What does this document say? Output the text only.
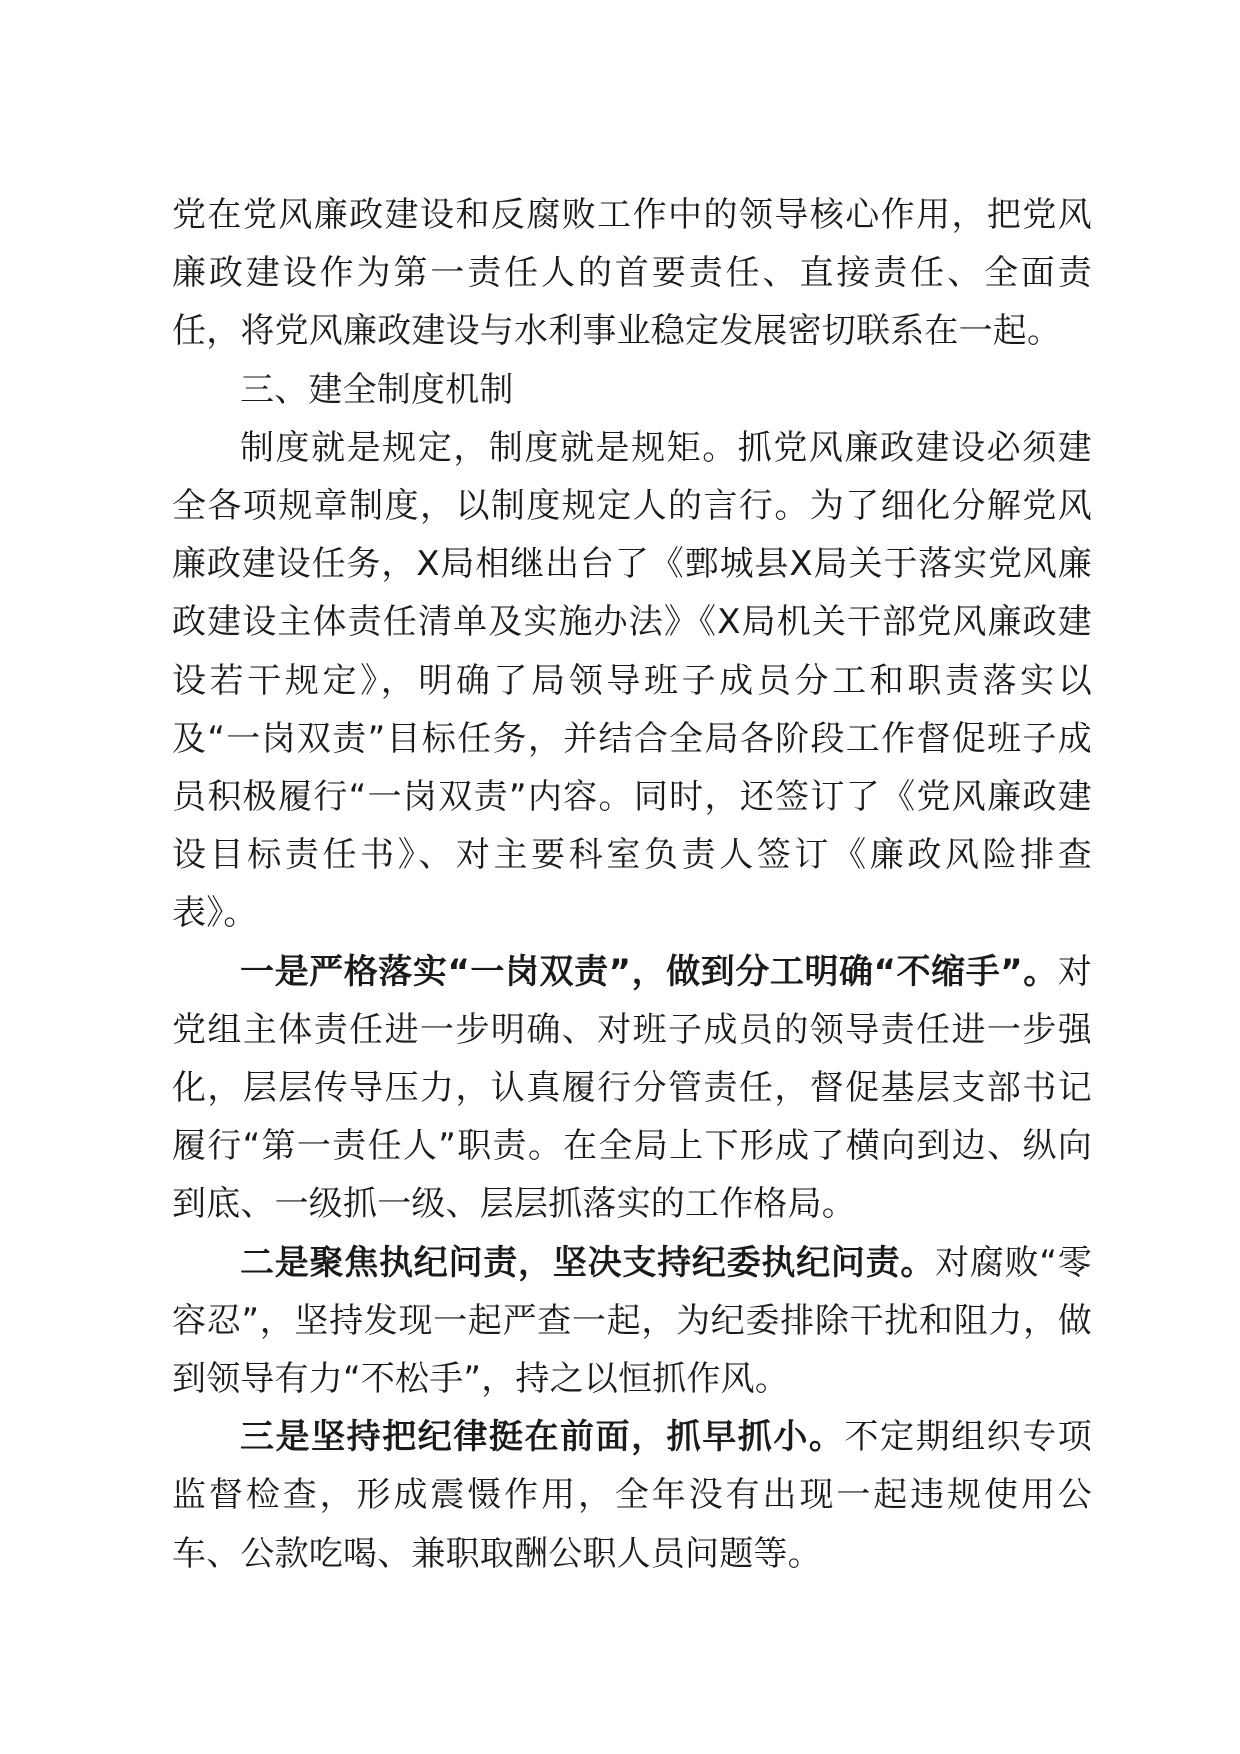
党在党风廉政建设和反腐败工作中的领导核心作用，把党风廉政建设作为第一责任人的首要责任、直接责任、全面责任，将党风廉政建设与水利事业稳定发展密切联系在一起。

三、建全制度机制

制度就是规定，制度就是规矩。抓党风廉政建设必须建全各项规章制度，以制度规定人的言行。为了细化分解党风廉政建设任务，X局相继出台了《鄄城县X局关于落实党风廉政建设主体责任清单及实施办法》《X局机关干部党风廉政建设若干规定》，明确了局领导班子成员分工和职责落实以及“一岗双责”目标任务，并结合全局各阶段工作督促班子成员积极履行“一岗双责”内容。同时，还签订了《党风廉政建设目标责任书》、对主要科室负责人签订《廉政风险排查表》。

一是严格落实“一岗双责”，做到分工明确“不缩手”。对党组主体责任进一步明确、对班子成员的领导责任进一步强化，层层传导压力，认真履行分管责任，督促基层支部书记履行“第一责任人”职责。在全局上下形成了横向到边、纵向到底、一级抓一级、层层抓落实的工作格局。

二是聚焦执纪问责，坚决支持纪委执纪问责。对腐败“零容忍”，坚持发现一起严查一起，为纪委排除干扰和阻力，做到领导有力“不松手”，持之以恒抓作风。

三是坚持把纪律挺在前面，抓早抓小。不定期组织专项监督检查，形成震慑作用，全年没有出现一起违规使用公车、公款吃喝、兼职取酬公职人员问题等。
